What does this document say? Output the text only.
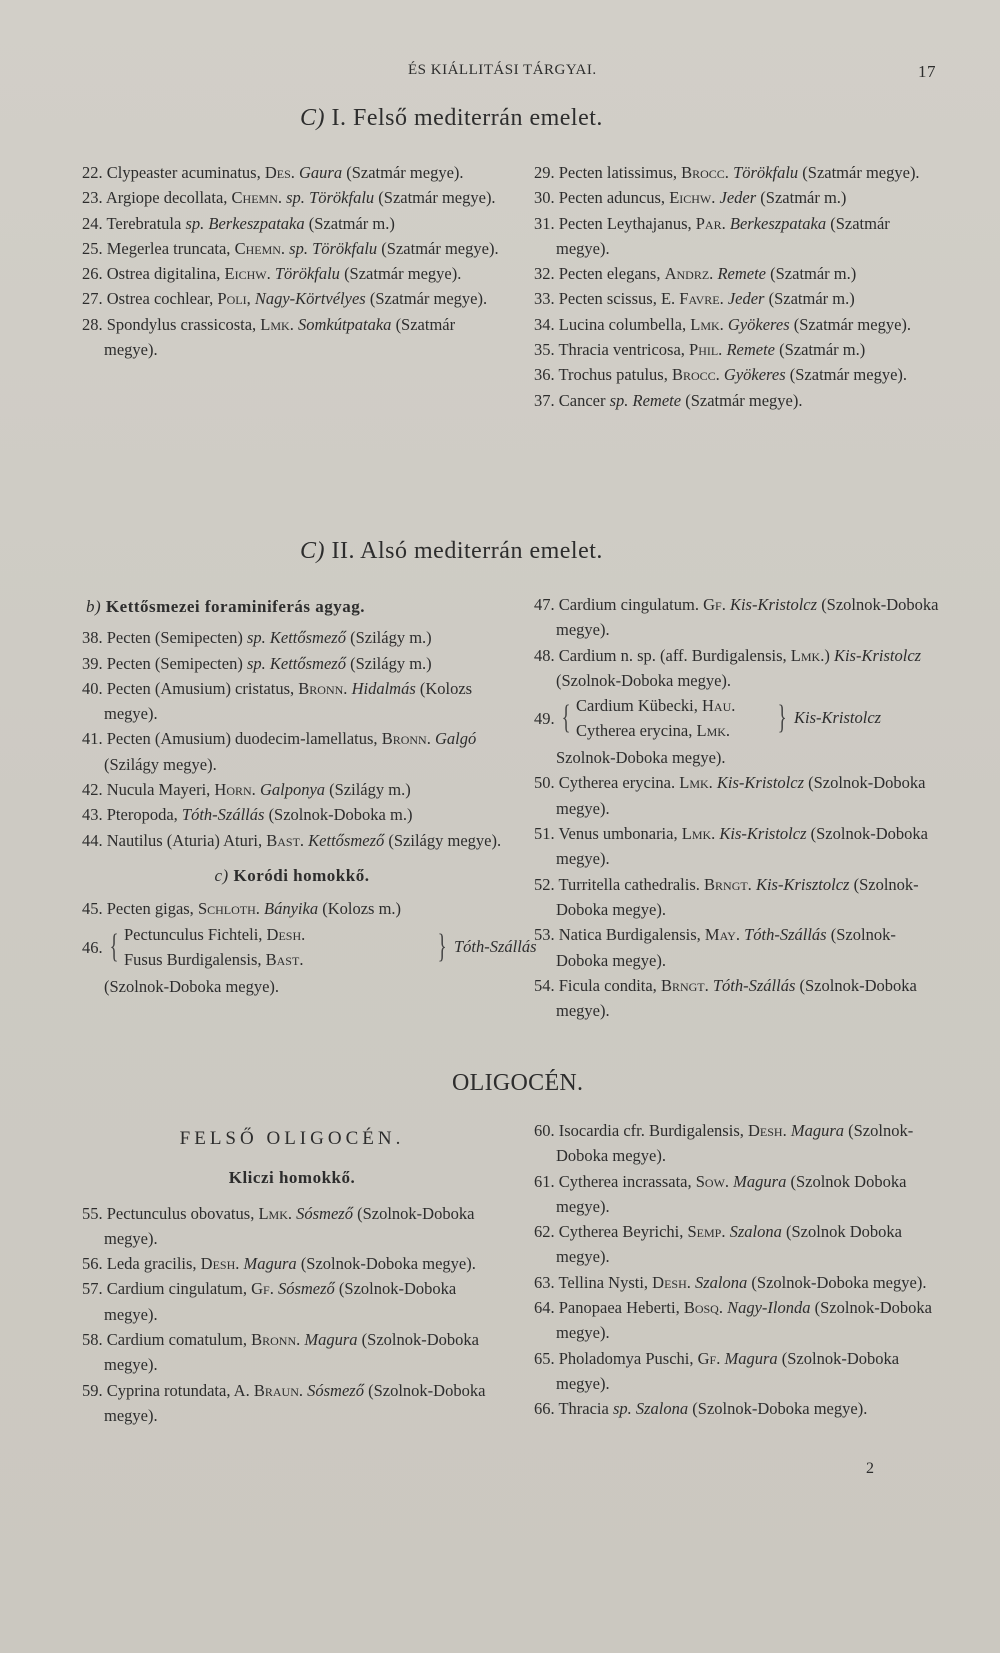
ÉS KIÁLLITÁSI TÁRGYAI.	17
C) I. Felső mediterrán emelet.

22. Clypeaster acuminatus, Des. Gaura (Szatmár megye).

23. Argiope decollata, Chemn. sp. Törökfalu (Szatmár megye).

24. Terebratula sp. Berkeszpataka (Szatmár m.)

25. Megerlea truncata, Chemn. sp. Törökfalu (Szatmár megye).

26. Ostrea digitalina, Eichw. Törökfalu (Szatmár megye).

27. Ostrea cochlear, Poli, Nagy-Körtvélyes (Szatmár megye).

28. Spondylus crassicosta, Lmk. Somkútpataka (Szatmár megye).

29. Pecten latissimus, Brocc. Törökfalu (Szatmár megye).

30. Pecten aduncus, Eichw. Jeder (Szatmár m.)

31. Pecten Leythajanus, Par. Berkeszpataka (Szatmár megye).

32. Pecten elegans, Andrz. Remete (Szatmár m.)

33. Pecten scissus, E. Favre. Jeder (Szatmár m.)

34. Lucina columbella, Lmk. Gyökeres (Szatmár megye).

35. Thracia ventricosa, Phil. Remete (Szatmár m.)

36. Trochus patulus, Brocc. Gyökeres (Szatmár megye).

37. Cancer sp. Remete (Szatmár megye).

C) II. Alsó mediterrán emelet.
b) Kettősmezei foraminiferás agyag.

38. Pecten (Semipecten) sp. Kettősmező (Szilágy m.)

39. Pecten (Semipecten) sp. Kettősmező (Szilágy m.)

40. Pecten (Amusium) cristatus, Bronn. Hidalmás (Kolozs megye).

41. Pecten (Amusium) duodecim-lamellatus, Bronn. Galgó (Szilágy megye).

42. Nucula Mayeri, Horn. Galponya (Szilágy m.)

43. Pteropoda, Tóth-Szállás (Szolnok-Doboka m.)

44. Nautilus (Aturia) Aturi, Bast. Kettősmező (Szilágy megye).

c) Koródi homokkő.

45. Pecten gigas, Schloth. Bányika (Kolozs m.)

46. { Pectunculus Fichteli, Desh.
Fusus Burdigalensis, Bast.	} Tóth-Szállás

(Szolnok-Doboka megye).

47. Cardium cingulatum. Gf. Kis-Kristolcz (Szolnok-Doboka megye).

48. Cardium n. sp. (aff. Burdigalensis, Lmk.) Kis-Kristolcz (Szolnok-Doboka megye).

49. { Cardium Kübecki, Hau.
Cytherea erycina, Lmk. } Kis-Kristolcz

Szolnok-Doboka megye).

50. Cytherea erycina. Lmk. Kis-Kristolcz (Szolnok-Doboka megye).

51. Venus umbonaria, Lmk. Kis-Kristolcz (Szolnok-Doboka megye).

52. Turritella cathedralis. Brngt. Kis-Krisztolcz (Szolnok-Doboka megye).

53. Natica Burdigalensis, May. Tóth-Szállás (Szolnok-Doboka megye).

54. Ficula condita, Brngt. Tóth-Szállás (Szolnok-Doboka megye).

OLIGOCÉN.
FELSŐ OLIGOCÉN.
Kliczi homokkő.

55. Pectunculus obovatus, Lmk. Sósmező (Szolnok-Doboka megye).

56. Leda gracilis, Desh. Magura (Szolnok-Doboka megye).

57. Cardium cingulatum, Gf. Sósmező (Szolnok-Doboka megye).

58. Cardium comatulum, Bronn. Magura (Szolnok-Doboka megye).

59. Cyprina rotundata, A. Braun. Sósmező (Szolnok-Doboka megye).

60. Isocardia cfr. Burdigalensis, Desh. Magura (Szolnok-Doboka megye).

61. Cytherea incrassata, Sow. Magura (Szolnok Doboka megye).

62. Cytherea Beyrichi, Semp. Szalona (Szolnok Doboka megye).

63. Tellina Nysti, Desh. Szalona (Szolnok-Doboka megye).

64. Panopaea Heberti, Bosq. Nagy-Ilonda (Szolnok-Doboka megye).

65. Pholadomya Puschi, Gf. Magura (Szolnok-Doboka megye).

66. Thracia sp. Szalona (Szolnok-Doboka megye).

2
